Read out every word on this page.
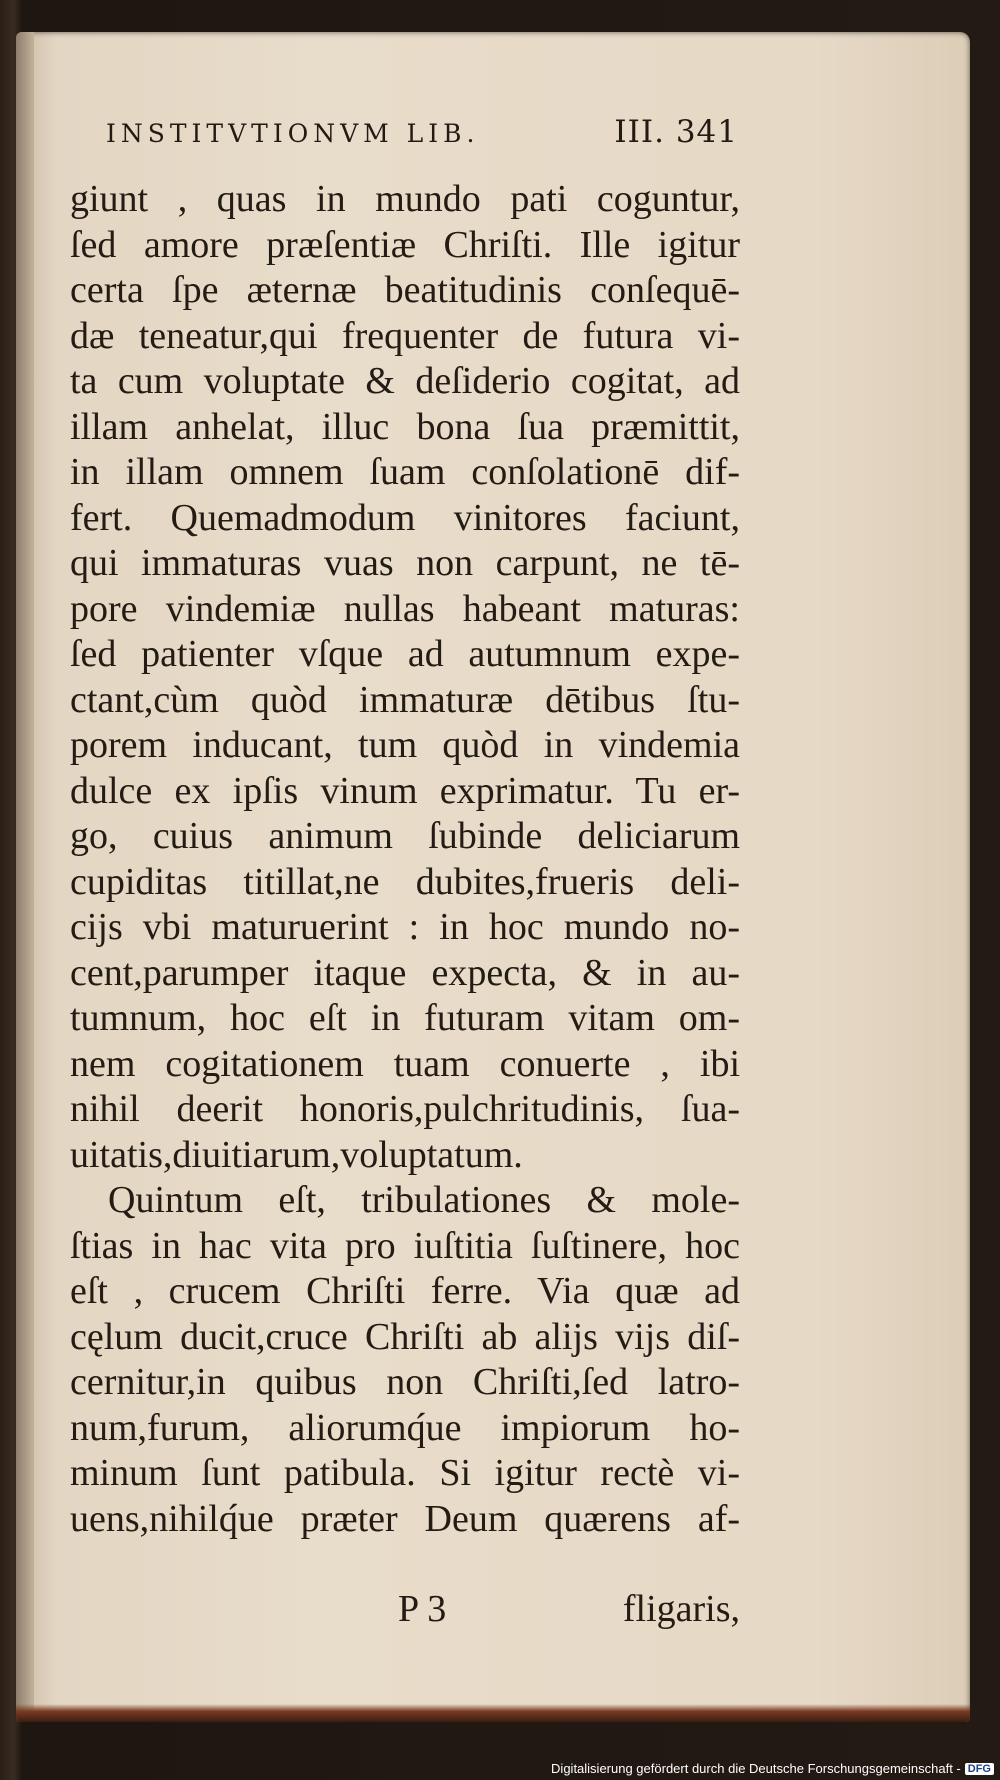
INSTITVTIONVM LIB.	III. 341
giunt , quas in mundo pati coguntur,
ſed amore præſentiæ Chriſti. Ille igitur
certa ſpe æternæ beatitudinis conſequē-
dæ teneatur,qui frequenter de futura vi-
ta cum voluptate & deſiderio cogitat, ad
illam anhelat, illuc bona ſua præmittit,
in illam omnem ſuam conſolationē dif-
fert. Quemadmodum vinitores faciunt,
qui immaturas vuas non carpunt, ne tē-
pore vindemiæ nullas habeant maturas:
ſed patienter vſque ad autumnum expe-
ctant,cùm quòd immaturæ dētibus ſtu-
porem inducant, tum quòd in vindemia
dulce ex ipſis vinum exprimatur. Tu er-
go, cuius animum ſubinde deliciarum
cupiditas titillat,ne dubites,frueris deli-
cijs vbi maturuerint : in hoc mundo no-
cent,parumper itaque expecta, & in au-
tumnum, hoc eſt in futuram vitam om-
nem cogitationem tuam conuerte , ibi
nihil deerit honoris,pulchritudinis, ſua-
uitatis,diuitiarum,voluptatum.
Quintum eſt, tribulationes & mole-
ſtias in hac vita pro iuſtitia ſuſtinere, hoc
eſt , crucem Chriſti ferre. Via quæ ad
cęlum ducit,cruce Chriſti ab alijs vijs diſ-
cernitur,in quibus non Chriſti,ſed latro-
num,furum, aliorumq́ue impiorum ho-
minum ſunt patibula. Si igitur rectè vi-
uens,nihilq́ue præter Deum quærens af-
P 3	fligaris,
Digitalisierung gefördert durch die Deutsche Forschungsgemeinschaft - DFG
